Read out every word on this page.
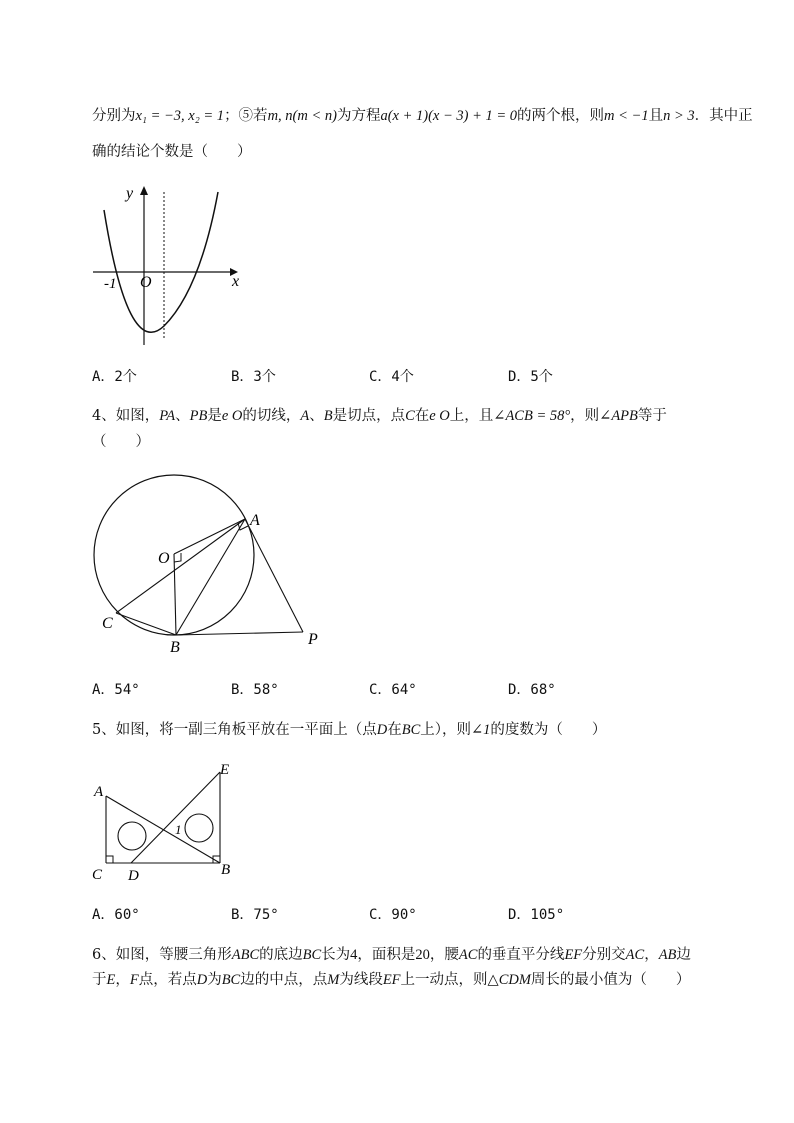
分别为x₁ = −3, x₂ = 1；⑤若m, n(m < n)为方程a(x + 1)(x − 3) + 1 = 0的两个根，则m < −1且n > 3．其中正
确的结论个数是（　　）
y
x
O
-1
A．2个	B．3个	C．4个	D．5个
4、如图，PA、PB是e O的切线，A、B是切点，点C在e O上，且∠ACB = 58°，则∠APB等于
（　　）
A
O
C
B	P
A．54°	B．58°	C．64°	D．68°
5、如图，将一副三角板平放在一平面上（点D在BC上），则∠1的度数为（　　）
A
E
C D	B
1
A．60°	B．75°	C．90°	D．105°
6、如图，等腰三角形ABC的底边BC长为4，面积是20，腰AC的垂直平分线EF分别交AC，AB边
于E，F点，若点D为BC边的中点，点M为线段EF上一动点，则△CDM周长的最小值为（　　）
